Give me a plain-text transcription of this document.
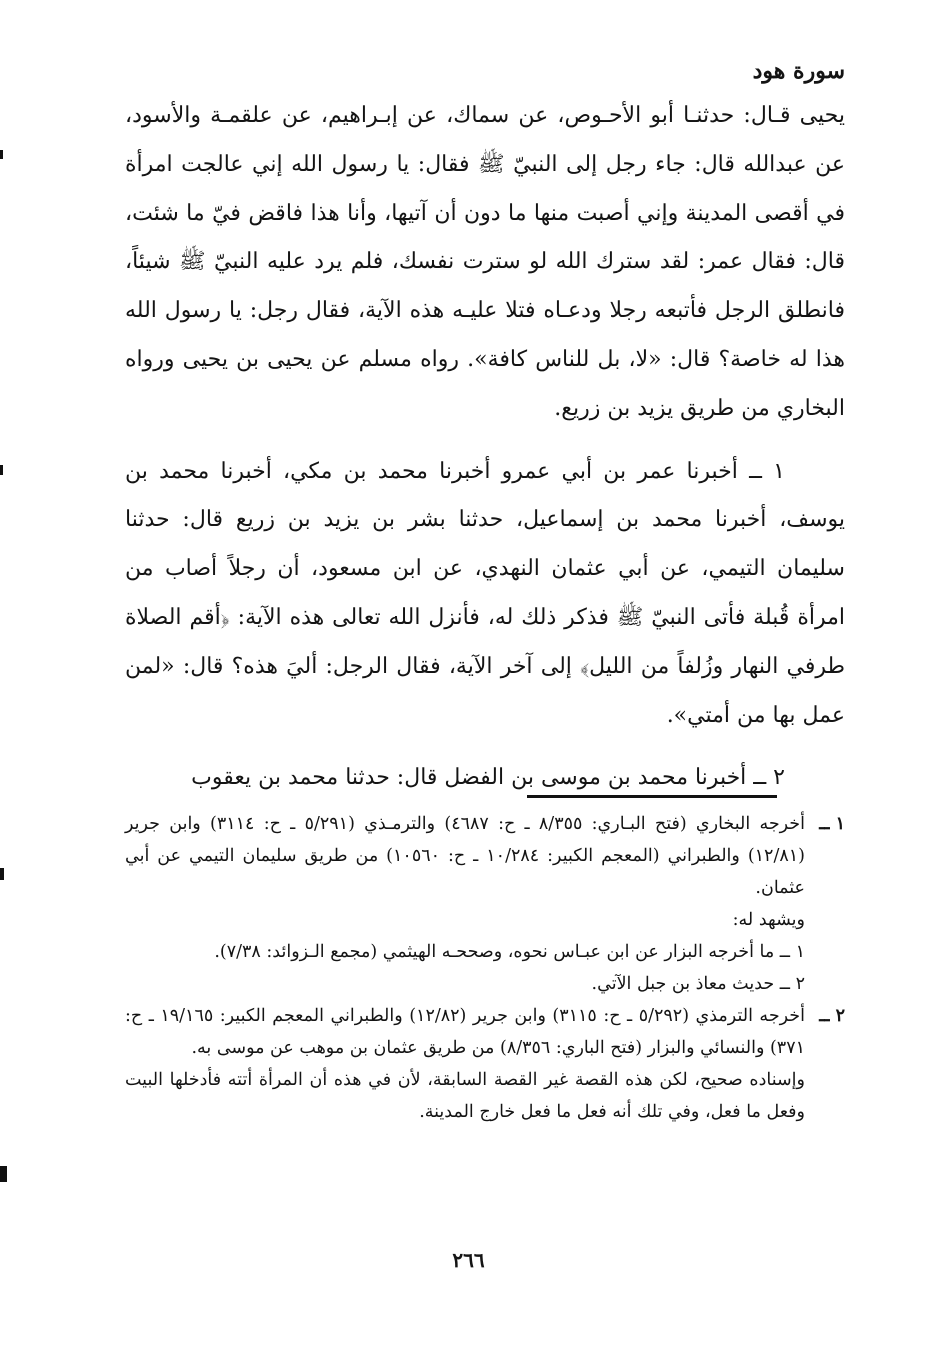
سورة هود

يحيى قـال: حدثنـا أبو الأحـوص، عن سماك، عن إبـراهيم، عن علقمـة والأسود، عن عبدالله قال: جاء رجل إلى النبيّ ﷺ فقال: يا رسول الله إني عالجت امرأة في أقصى المدينة وإني أصبت منها ما دون أن آتيها، وأنا هذا فاقض فيّ ما شئت، قال: فقال عمر: لقد سترك الله لو سترت نفسك، فلم يرد عليه النبيّ ﷺ شيئاً، فانطلق الرجل فأتبعه رجلا ودعـاه فتلا عليـه هذه الآية، فقال رجل: يا رسول الله هذا له خاصة؟ قال: «لا، بل للناس كافة». رواه مسلم عن يحيى بن يحيى ورواه البخاري من طريق يزيد بن زريع.

١ ــ أخبرنا عمر بن أبي عمرو أخبرنا محمد بن مكي، أخبرنا محمد بن يوسف، أخبرنا محمد بن إسماعيل، حدثنا بشر بن يزيد بن زريع قال: حدثنا سليمان التيمي، عن أبي عثمان النهدي، عن ابن مسعود، أن رجلاً أصاب من امرأة قُبلة فأتى النبيّ ﷺ فذكر ذلك له، فأنزل الله تعالى هذه الآية: ﴿أقم الصلاة طرفي النهار وزُلفاً من الليل﴾ إلى آخر الآية، فقال الرجل: أليَ هذه؟ قال: «لمن عمل بها من أمتي».

٢ ــ أخبرنا محمد بن موسى بن الفضل قال: حدثنا محمد بن يعقوب

١ ــ
أخرجه البخاري (فتح البـاري: ٨/٣٥٥ ـ ح: ٤٦٨٧) والترمـذي (٥/٢٩١ ـ ح: ٣١١٤) وابن جرير (١٢/٨١) والطبراني (المعجم الكبير: ١٠/٢٨٤ ـ ح: ١٠٥٦٠) من طريق سليمان التيمي عن أبي عثمان.
ويشهد له:
١ ــ ما أخرجه البزار عن ابن عبـاس نحوه، وصححـه الهيثمي (مجمع الـزوائد: ٧/٣٨).
٢ ــ حديث معاذ بن جبل الآتي.
٢ ــ
أخرجه الترمذي (٥/٢٩٢ ـ ح: ٣١١٥) وابن جرير (١٢/٨٢) والطبراني المعجم الكبير: ١٩/١٦٥ ـ ح: ٣٧١) والنسائي والبزار (فتح الباري: ٨/٣٥٦) من طريق عثمان بن موهب عن موسى به.
وإسناده صحيح، لكن هذه القصة غير القصة السابقة، لأن في هذه أن المرأة أتته فأدخلها البيت وفعل ما فعل، وفي تلك أنه فعل ما فعل خارج المدينة.
٢٦٦
